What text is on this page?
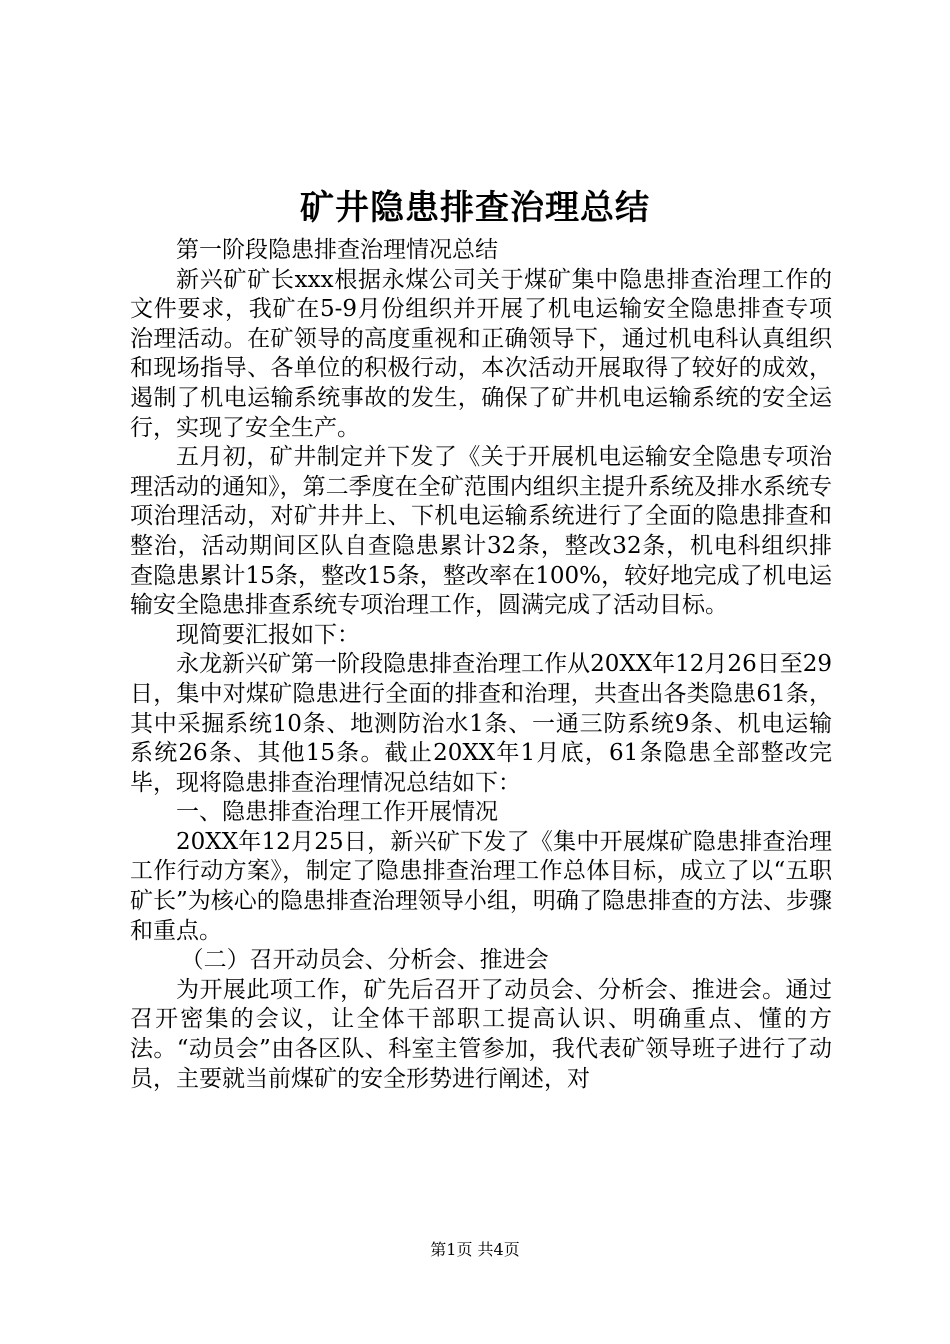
矿井隐患排查治理总结

第一阶段隐患排查治理情况总结

新兴矿矿长xxx根据永煤公司关于煤矿集中隐患排查治理工作的文件要求，我矿在5-9月份组织并开展了机电运输安全隐患排查专项治理活动。在矿领导的高度重视和正确领导下，通过机电科认真组织和现场指导、各单位的积极行动，本次活动开展取得了较好的成效，遏制了机电运输系统事故的发生，确保了矿井机电运输系统的安全运行，实现了安全生产。

五月初，矿井制定并下发了《关于开展机电运输安全隐患专项治理活动的通知》，第二季度在全矿范围内组织主提升系统及排水系统专项治理活动，对矿井井上、下机电运输系统进行了全面的隐患排查和整治，活动期间区队自查隐患累计32条，整改32条，机电科组织排查隐患累计15条，整改15条，整改率在100%，较好地完成了机电运输安全隐患排查系统专项治理工作，圆满完成了活动目标。

现简要汇报如下：

永龙新兴矿第一阶段隐患排查治理工作从20XX年12月26日至29日，集中对煤矿隐患进行全面的排查和治理，共查出各类隐患61条，其中采掘系统10条、地测防治水1条、一通三防系统9条、机电运输系统26条、其他15条。截止20XX年1月底，61条隐患全部整改完毕，现将隐患排查治理情况总结如下：

一、隐患排查治理工作开展情况

20XX年12月25日，新兴矿下发了《集中开展煤矿隐患排查治理工作行动方案》，制定了隐患排查治理工作总体目标，成立了以“五职矿长”为核心的隐患排查治理领导小组，明确了隐患排查的方法、步骤和重点。

（二）召开动员会、分析会、推进会

为开展此项工作，矿先后召开了动员会、分析会、推进会。通过召开密集的会议，让全体干部职工提高认识、明确重点、懂的方法。“动员会”由各区队、科室主管参加，我代表矿领导班子进行了动员，主要就当前煤矿的安全形势进行阐述，对

第1页 共4页
